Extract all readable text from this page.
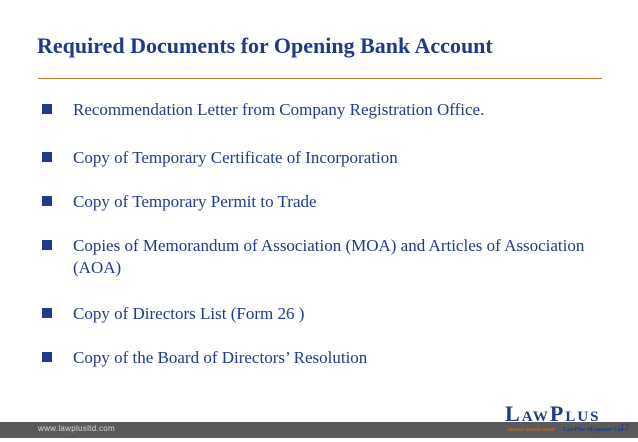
Required Documents for Opening Bank Account
Recommendation Letter from Company Registration Office.
Copy of Temporary Certificate of Incorporation
Copy of Temporary Permit to Trade
Copies of Memorandum of Association (MOA) and Articles of Association (AOA)
Copy of Directors List (Form 26 )
Copy of the Board of Directors’ Resolution
www.lawplusltd.com
LAWPLUS
ɑɑɑɑɑ ɑɑɑɑɑ ɑɑɑɑ LawPlus Myanmar Ltd
13
